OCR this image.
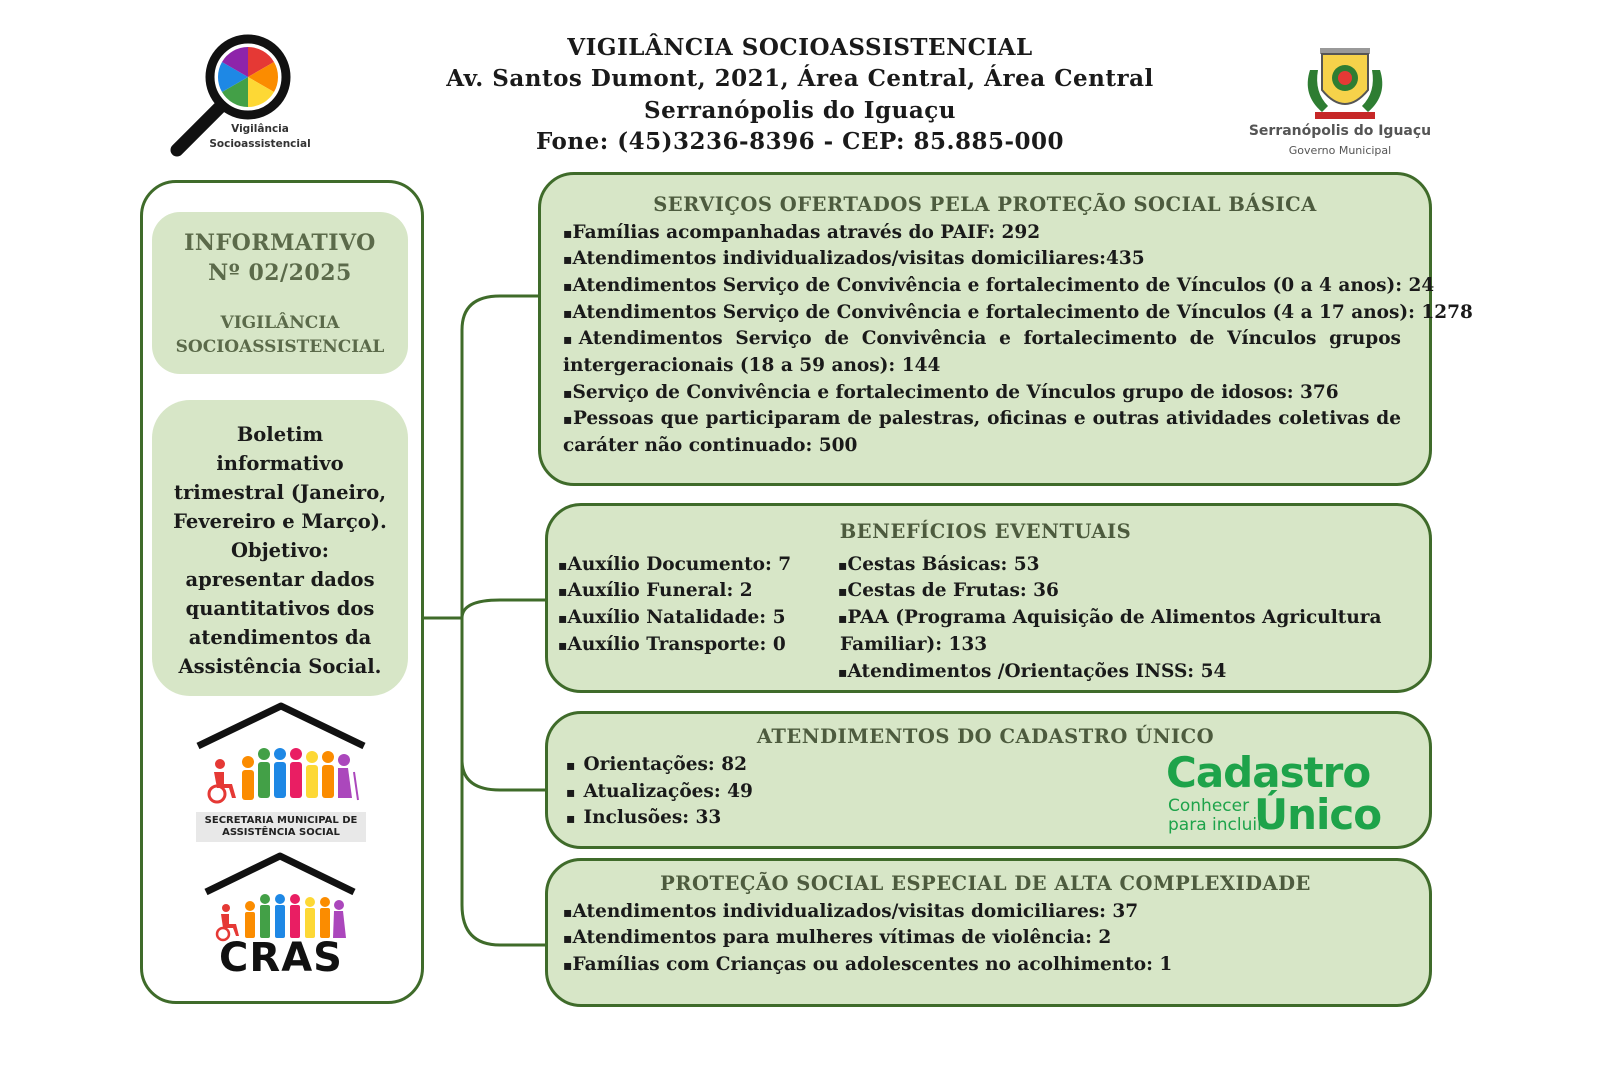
VIGILÂNCIA SOCIOASSISTENCIAL
Av. Santos Dumont, 2021, Área Central, Área Central
Serranópolis do Iguaçu
Fone: (45)3236-8396 - CEP: 85.885-000
Vigilância
Socioassistencial
Serranópolis do Iguaçu
Governo Municipal
INFORMATIVO
Nº 02/2025
VIGILÂNCIA
SOCIOASSISTENCIAL
Boletim
informativo
trimestral (Janeiro,
Fevereiro e Março).
Objetivo:
apresentar dados
quantitativos dos
atendimentos da
Assistência Social.
SECRETARIA MUNICIPAL DE
ASSISTÊNCIA SOCIAL
CRAS
SERVIÇOS OFERTADOS PELA PROTEÇÃO SOCIAL BÁSICA
▪ Famílias acompanhadas através do PAIF: 292
▪ Atendimentos individualizados/visitas domiciliares:435
▪ Atendimentos Serviço de Convivência e fortalecimento de Vínculos (0 a 4 anos): 24
▪ Atendimentos Serviço de Convivência e fortalecimento de Vínculos (4 a 17 anos): 1278
▪ Atendimentos Serviço de Convivência e fortalecimento de Vínculos grupos intergeracionais (18 a 59 anos): 144
▪ Serviço de Convivência e fortalecimento de Vínculos grupo de idosos: 376
▪ Pessoas que participaram de palestras, oficinas e outras atividades coletivas de caráter não continuado: 500
BENEFÍCIOS EVENTUAIS
▪ Auxílio Documento: 7
▪ Auxílio Funeral: 2
▪ Auxílio Natalidade: 5
▪ Auxílio Transporte: 0
▪ Cestas Básicas: 53
▪ Cestas de Frutas: 36
▪ PAA (Programa Aquisição de Alimentos Agricultura
Familiar): 133
▪ Atendimentos /Orientações INSS: 54
ATENDIMENTOS DO CADASTRO ÚNICO
▪ Orientações: 82
▪ Atualizações: 49
▪ Inclusões: 33
Cadastro
Conhecer
para incluir
Único
PROTEÇÃO SOCIAL ESPECIAL DE ALTA COMPLEXIDADE
▪ Atendimentos individualizados/visitas domiciliares: 37
▪ Atendimentos para mulheres vítimas de violência: 2
▪ Famílias com Crianças ou adolescentes no acolhimento: 1
